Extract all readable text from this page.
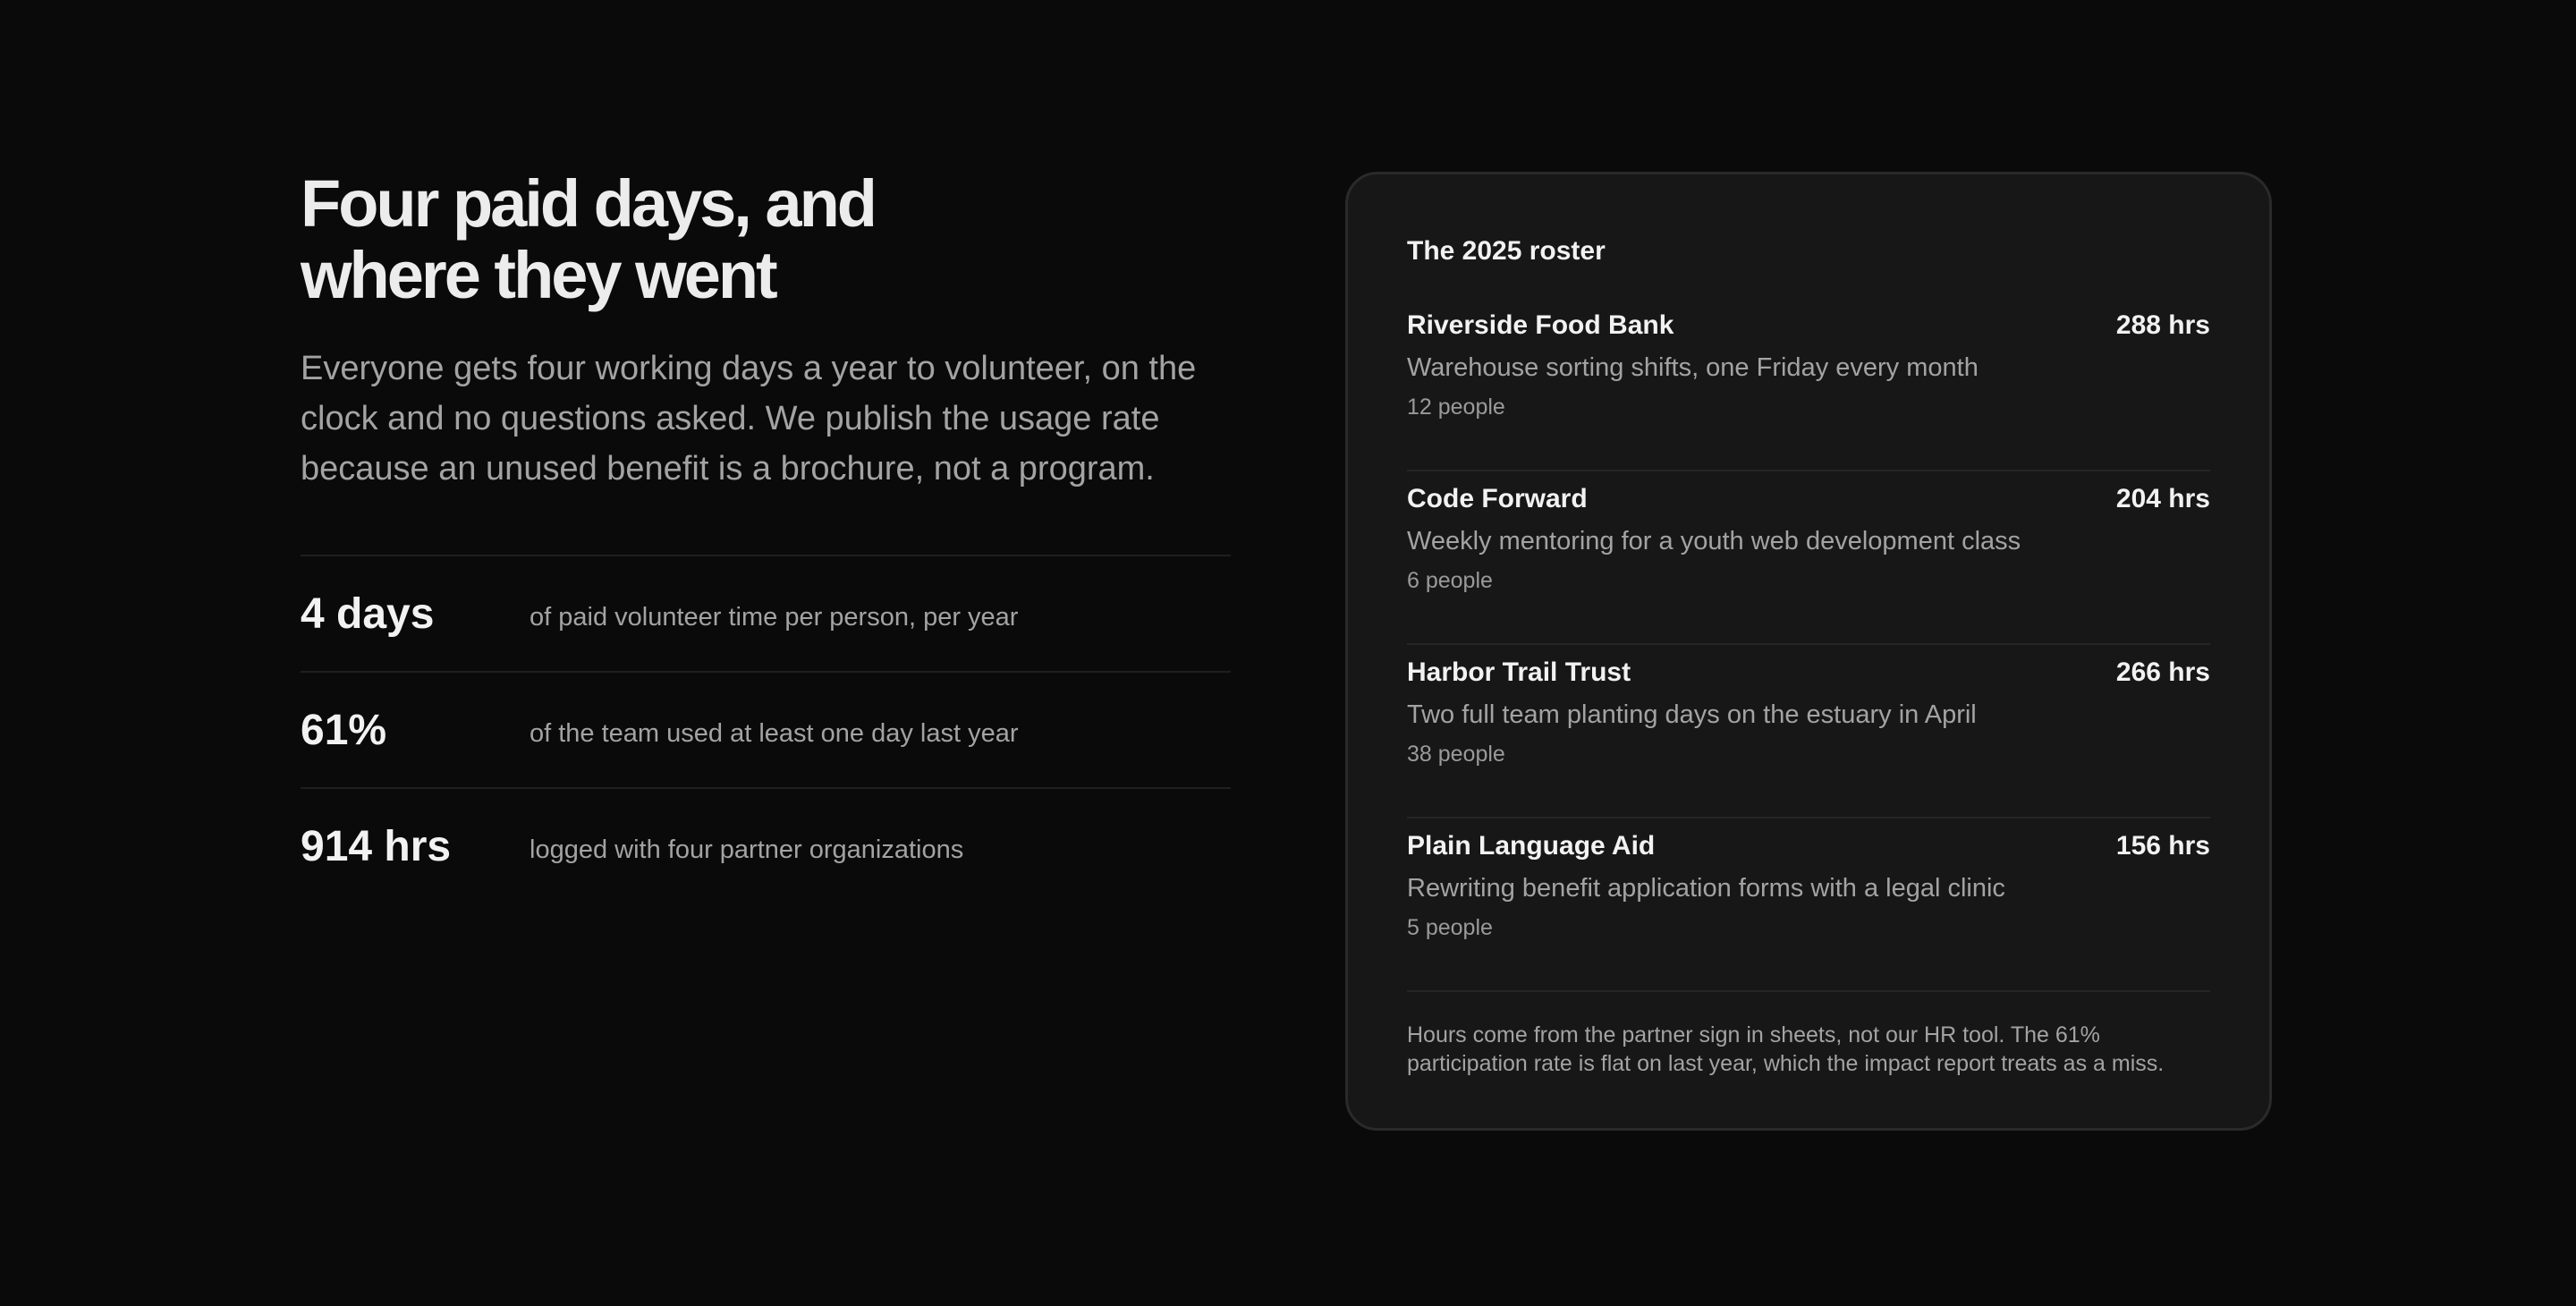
Four paid days, and
where they went

Everyone gets four working days a year to volunteer, on the clock and no questions asked. We publish the usage rate because an unused benefit is a brochure, not a program.

4 days	of paid volunteer time per person, per year
61%	of the team used at least one day last year
914 hrs	logged with four partner organizations
The 2025 roster
Riverside Food Bank	288 hrs
Warehouse sorting shifts, one Friday every month
12 people
Code Forward	204 hrs
Weekly mentoring for a youth web development class
6 people
Harbor Trail Trust	266 hrs
Two full team planting days on the estuary in April
38 people
Plain Language Aid	156 hrs
Rewriting benefit application forms with a legal clinic
5 people
Hours come from the partner sign in sheets, not our HR tool. The 61% participation rate is flat on last year, which the impact report treats as a miss.
